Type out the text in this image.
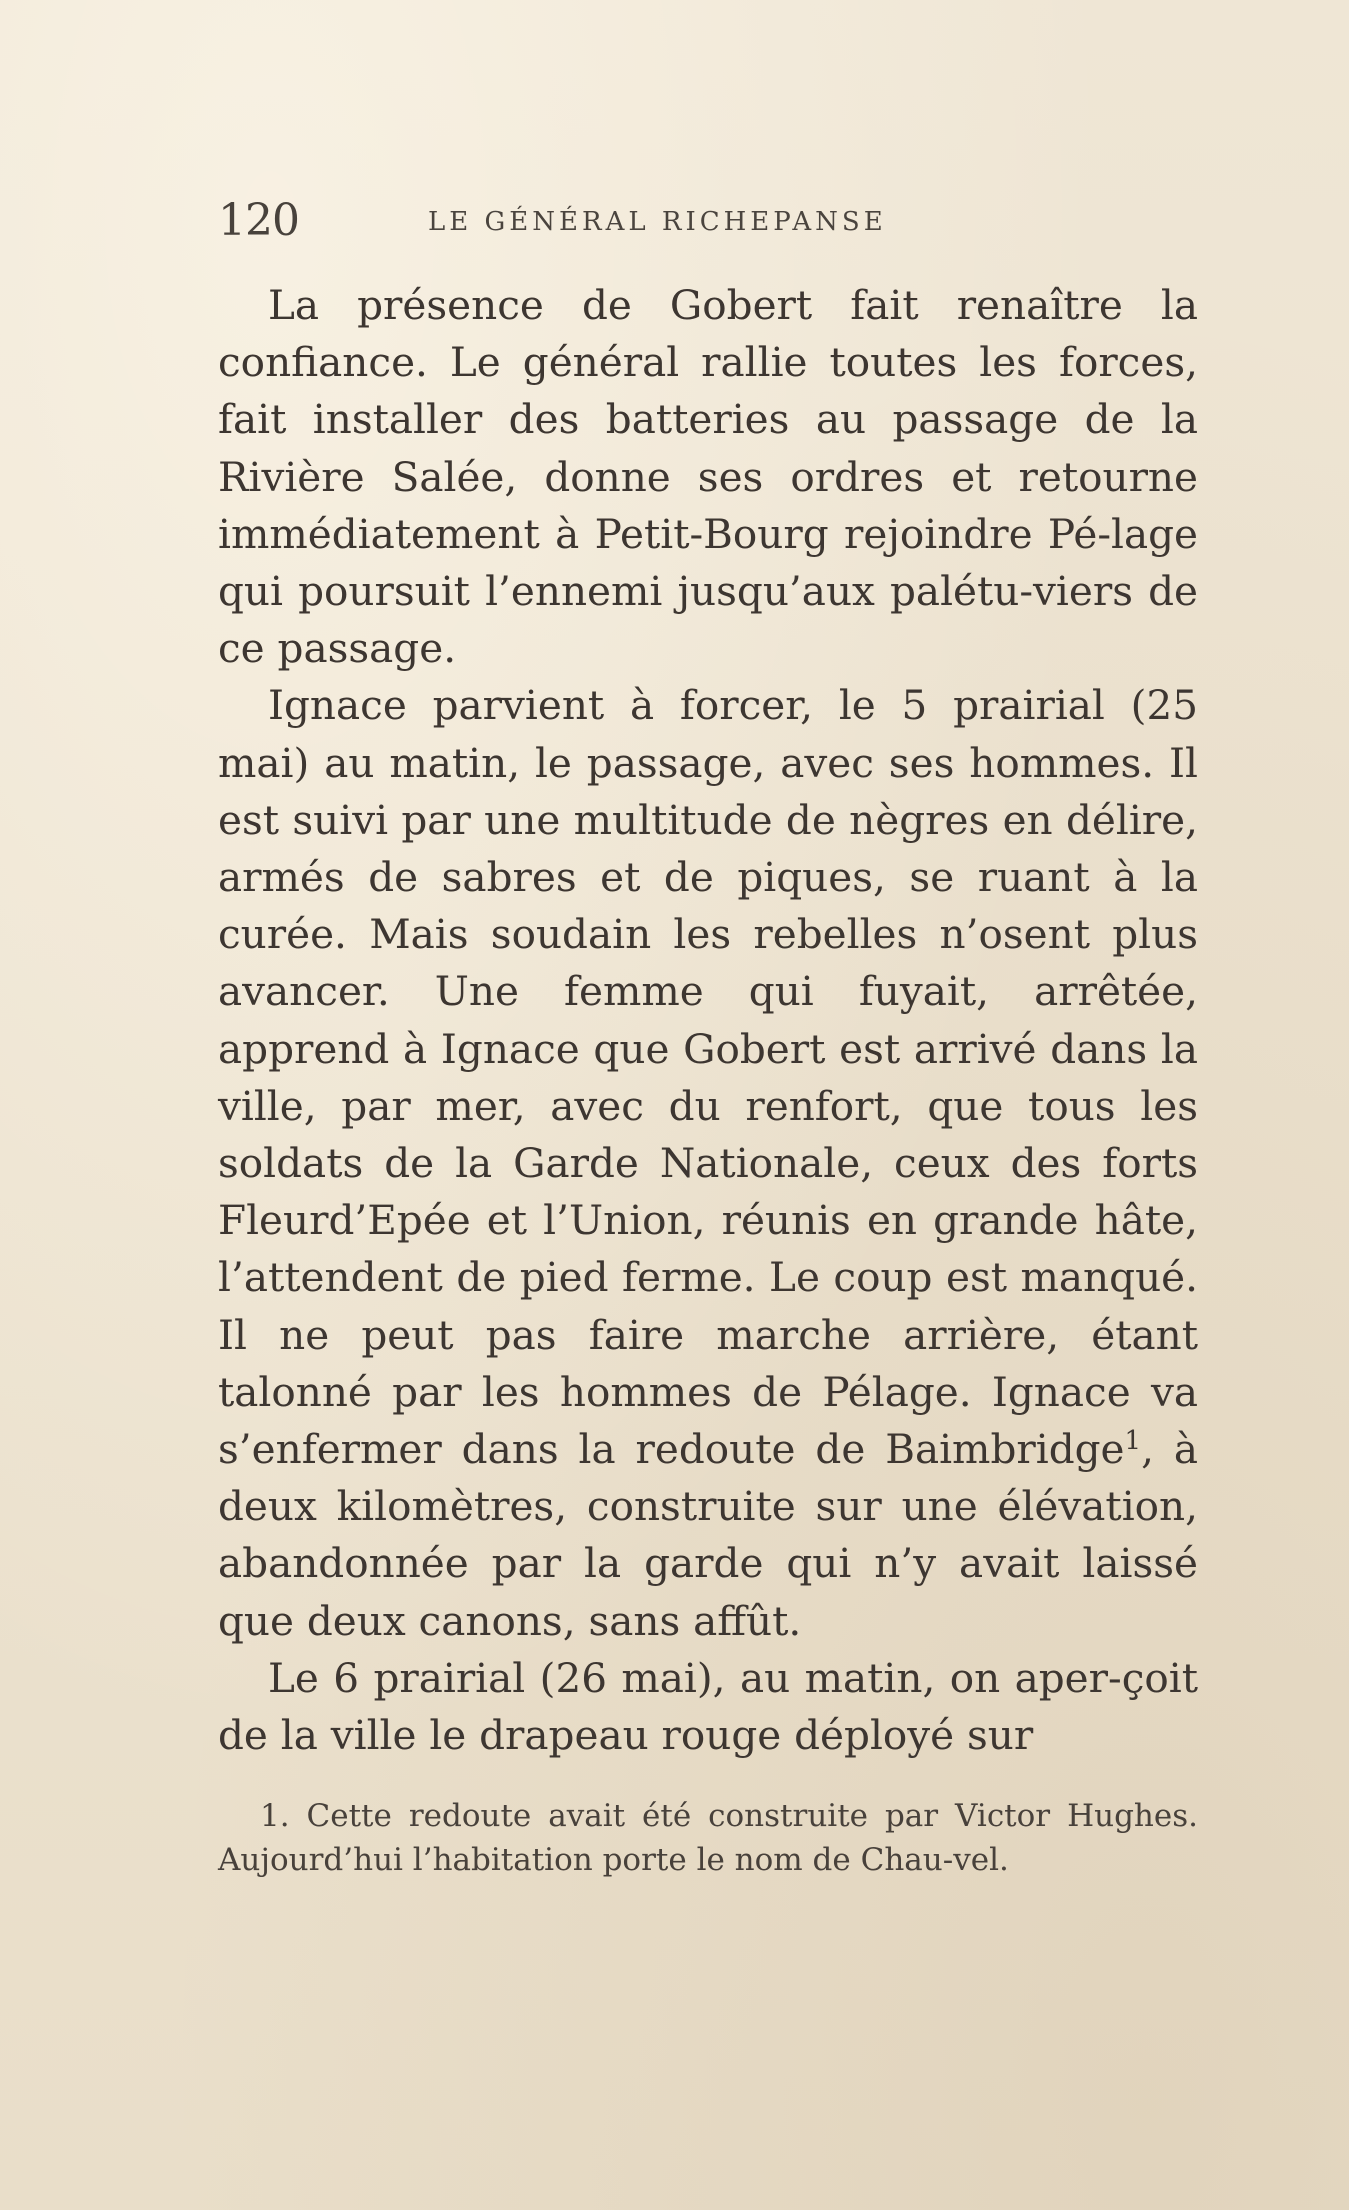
120	LE GÉNÉRAL RICHEPANSE

La présence de Gobert fait renaître la confiance. Le général rallie toutes les forces, fait installer des batteries au passage de la Rivière Salée, donne ses ordres et retourne immédiatement à Petit-Bourg rejoindre Pé-lage qui poursuit l’ennemi jusqu’aux palétu-viers de ce passage.

Ignace parvient à forcer, le 5 prairial (25 mai) au matin, le passage, avec ses hommes. Il est suivi par une multitude de nègres en délire, armés de sabres et de piques, se ruant à la curée. Mais soudain les rebelles n’osent plus avancer. Une femme qui fuyait, arrêtée, apprend à Ignace que Gobert est arrivé dans la ville, par mer, avec du renfort, que tous les soldats de la Garde Nationale, ceux des forts Fleurd’Epée et l’Union, réunis en grande hâte, l’attendent de pied ferme. Le coup est manqué. Il ne peut pas faire marche arrière, étant talonné par les hommes de Pélage. Ignace va s’enfermer dans la redoute de Baimbridge$^1$, à deux kilomètres, construite sur une élévation, abandonnée par la garde qui n’y avait laissé que deux canons, sans affût.

Le 6 prairial (26 mai), au matin, on aper-çoit de la ville le drapeau rouge déployé sur

1. Cette redoute avait été construite par Victor Hughes. Aujourd’hui l’habitation porte le nom de Chau-vel.
